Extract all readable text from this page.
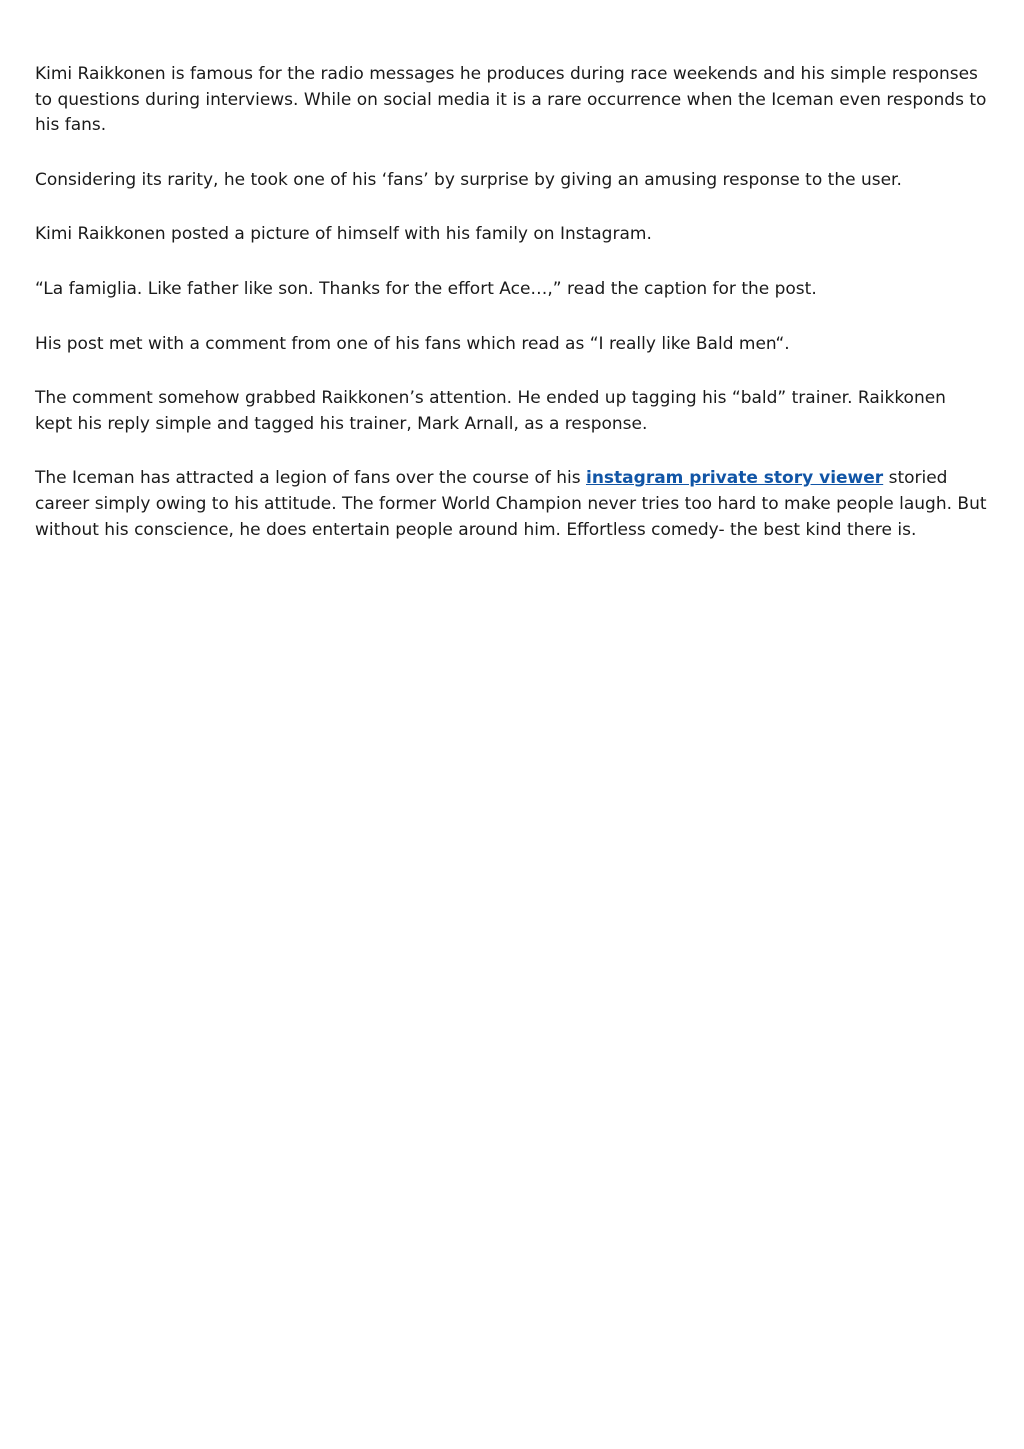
Kimi Raikkonen is famous for the radio messages he produces during race weekends and his simple responses to questions during interviews. While on social media it is a rare occurrence when the Iceman even responds to his fans.

Considering its rarity, he took one of his ‘fans’ by surprise by giving an amusing response to the user.

Kimi Raikkonen posted a picture of himself with his family on Instagram.

“La famiglia. Like father like son. Thanks for the effort Ace…,” read the caption for the post.

His post met with a comment from one of his fans which read as “I really like Bald men“.

The comment somehow grabbed Raikkonen’s attention. He ended up tagging his “bald” trainer. Raikkonen kept his reply simple and tagged his trainer, Mark Arnall, as a response.

The Iceman has attracted a legion of fans over the course of his instagram private story viewer storied career simply owing to his attitude. The former World Champion never tries too hard to make people laugh. But without his conscience, he does entertain people around him. Effortless comedy- the best kind there is.
